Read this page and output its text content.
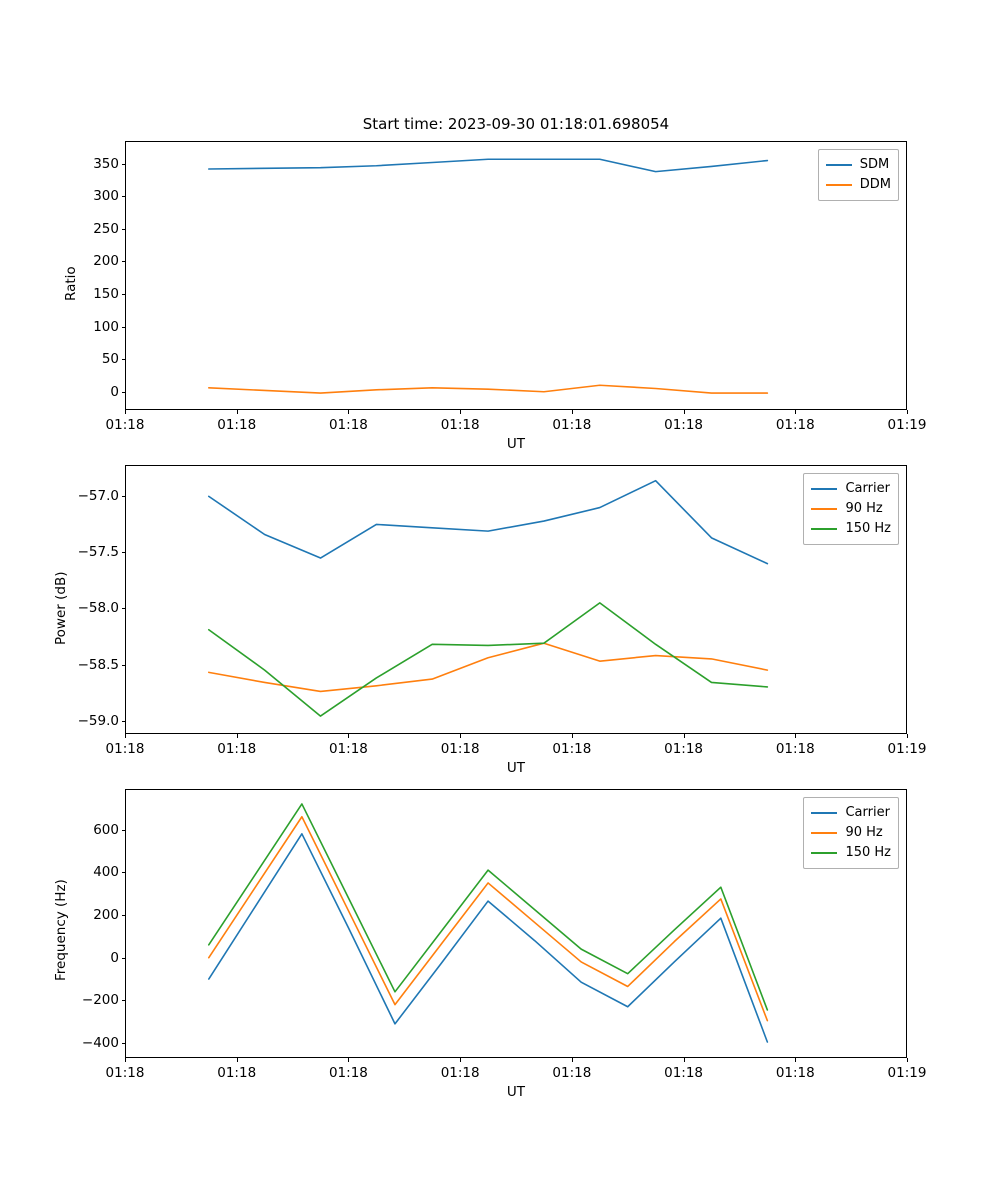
Start time: 2023-09-30 01:18:01.698054
Ratio
UT
SDM
DDM
01:18	01:18	01:18	01:18	01:18	01:18	01:18	01:19
0
50
100
150
200
250
300
350
Power (dB)
UT
Carrier
90 Hz
150 Hz
01:18	01:18	01:18	01:18	01:18	01:18	01:18	01:19
−59.0
−58.5
−58.0
−57.5
−57.0
Frequency (Hz)
UT
Carrier
90 Hz
150 Hz
01:18	01:18	01:18	01:18	01:18	01:18	01:18	01:19
−400
−200
0
200
400
600
